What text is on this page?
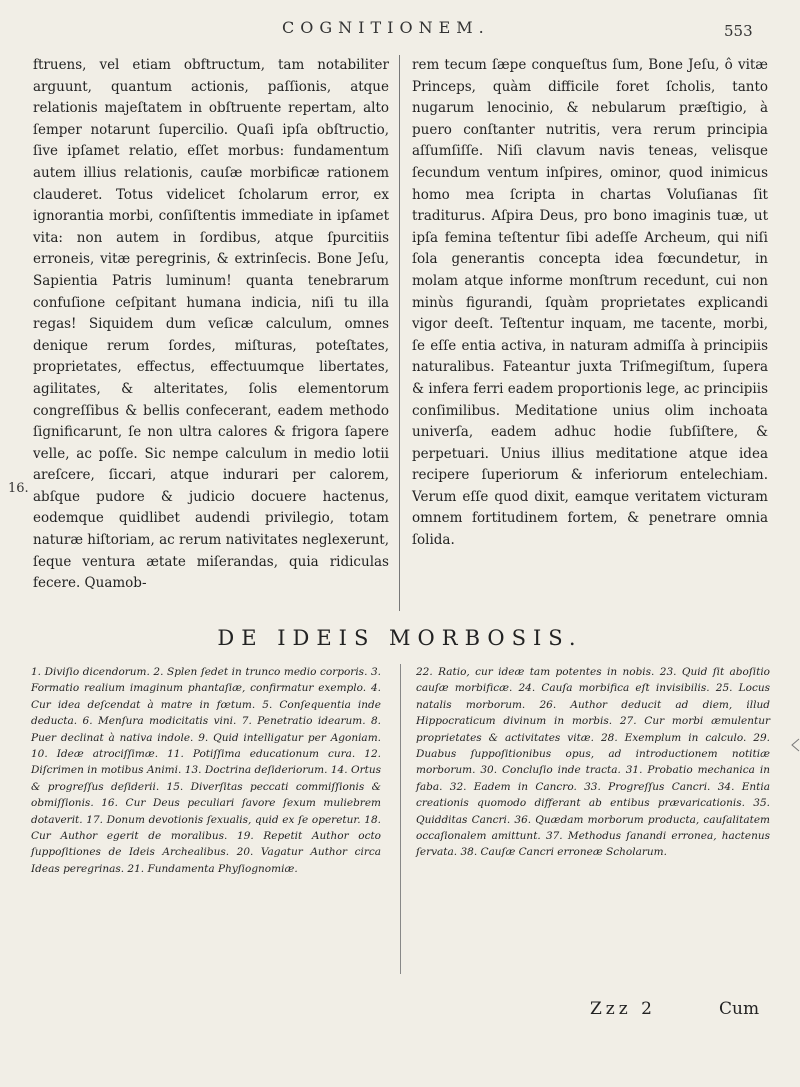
COGNITIONEM.	553
16.
ftruens, vel etiam obftructum, tam notabiliter arguunt, quantum actionis, paſſionis, atque relationis majeſtatem in obſtruente repertam, alto ſemper notarunt ſupercilio. Quaſi ipſa obſtructio, ſive ipſamet relatio, eſſet morbus: fundamentum autem illius relationis, cauſæ morbificæ rationem clauderet. Totus videlicet ſcholarum error, ex ignorantia morbi, conſiſtentis immediate in ipſamet vita: non autem in ſordibus, atque ſpurcitiis erroneis, vitæ peregrinis, & extrinſecis. Bone Jeſu, Sapientia Patris luminum! quanta tenebrarum confuſione ceſpitant humana indicia, niſi tu illa regas! Siquidem dum veſicæ calculum, omnes denique rerum ſordes, miſturas, poteſtates, proprietates, effectus, effectuumque libertates, agilitates, & alteritates, ſolis elementorum congreſſibus & bellis confecerant, eadem methodo ſignificarunt, ſe non ultra calores & frigora ſapere velle, ac poſſe. Sic nempe calculum in medio lotii areſcere, ſiccari, atque indurari per calorem, abſque pudore & judicio docuere hactenus, eodemque quidlibet audendi privilegio, totam naturæ hiſtoriam, ac rerum nativitates neglexerunt, ſeque ventura ætate miſerandas, quia ridiculas fecere. Quamob-
rem tecum ſæpe conqueſtus ſum, Bone Jeſu, ô vitæ Princeps, quàm difficile foret ſcholis, tanto nugarum lenocinio, & nebularum præſtigio, à puero conſtanter nutritis, vera rerum principia aſſumſiſſe. Niſi clavum navis teneas, velisque ſecundum ventum inſpires, ominor, quod inimicus homo mea ſcripta in chartas Voluſianas ſit traditurus. Aſpira Deus, pro bono imaginis tuæ, ut ipſa femina teſtentur ſibi adeſſe Archeum, qui niſi ſola generantis concepta idea fœcundetur, in molam atque informe monſtrum recedunt, cui non minùs figurandi, ſquàm proprietates explicandi vigor deeſt. Teſtentur inquam, me tacente, morbi, ſe eſſe entia activa, in naturam admiſſa à principiis naturalibus. Fateantur juxta Triſmegiſtum, ſupera & infera ferri eadem proportionis lege, ac principiis conſimilibus. Meditatione unius olim inchoata univerſa, eadem adhuc hodie ſubſiſtere, & perpetuari. Unius illius meditatione atque idea recipere ſuperiorum & inferiorum entelechiam. Verum eſſe quod dixit, eamque veritatem victuram omnem fortitudinem fortem, & penetrare omnia ſolida.
DE IDEIS MORBOSIS.
1. Diviſio dicendorum. 2. Splen ſedet in trunco medio corporis. 3. Formatio realium imaginum phantaſiæ, confirmatur exemplo. 4. Cur idea deſcendat à matre in fœtum. 5. Conſequentia inde deducta. 6. Menſura modicitatis vini. 7. Penetratio idearum. 8. Puer declinat à nativa indole. 9. Quid intelligatur per Agoniam. 10. Ideæ atrociſſimæ. 11. Potiſſima educationum cura. 12. Diſcrimen in motibus Animi. 13. Doctrina deſideriorum. 14. Ortus & progreſſus deſiderii. 15. Diverſitas peccati commiſſionis & obmiſſionis. 16. Cur Deus peculiari ſavore ſexum muliebrem dotaverit. 17. Donum devotionis ſexualis, quid ex ſe operetur. 18. Cur Author egerit de moralibus. 19. Repetit Author octo ſuppoſitiones de Ideis Archealibus. 20. Vagatur Author circa Ideas peregrinas. 21. Fundamenta Phyſiognomiæ.
22. Ratio, cur ideæ tam potentes in nobis. 23. Quid ſit aboſitio cauſæ morbificæ. 24. Cauſa morbifica eſt invisibilis. 25. Locus natalis morborum. 26. Author deducit ad diem, illud Hippocraticum divinum in morbis. 27. Cur morbi æmulentur proprietates & activitates vitæ. 28. Exemplum in calculo. 29. Duabus ſuppoſitionibus opus, ad introductionem notitiæ morborum. 30. Concluſio inde tracta. 31. Probatio mechanica in faba. 32. Eadem in Cancro. 33. Progreſſus Cancri. 34. Entia creationis quomodo differant ab entibus prævaricationis. 35. Quidditas Cancri. 36. Quædam morborum producta, cauſalitatem occaſionalem amittunt. 37. Methodus ſanandi erronea, hactenus ſervata. 38. Cauſæ Cancri erroneæ Scholarum.
Zzz 2	Cum
